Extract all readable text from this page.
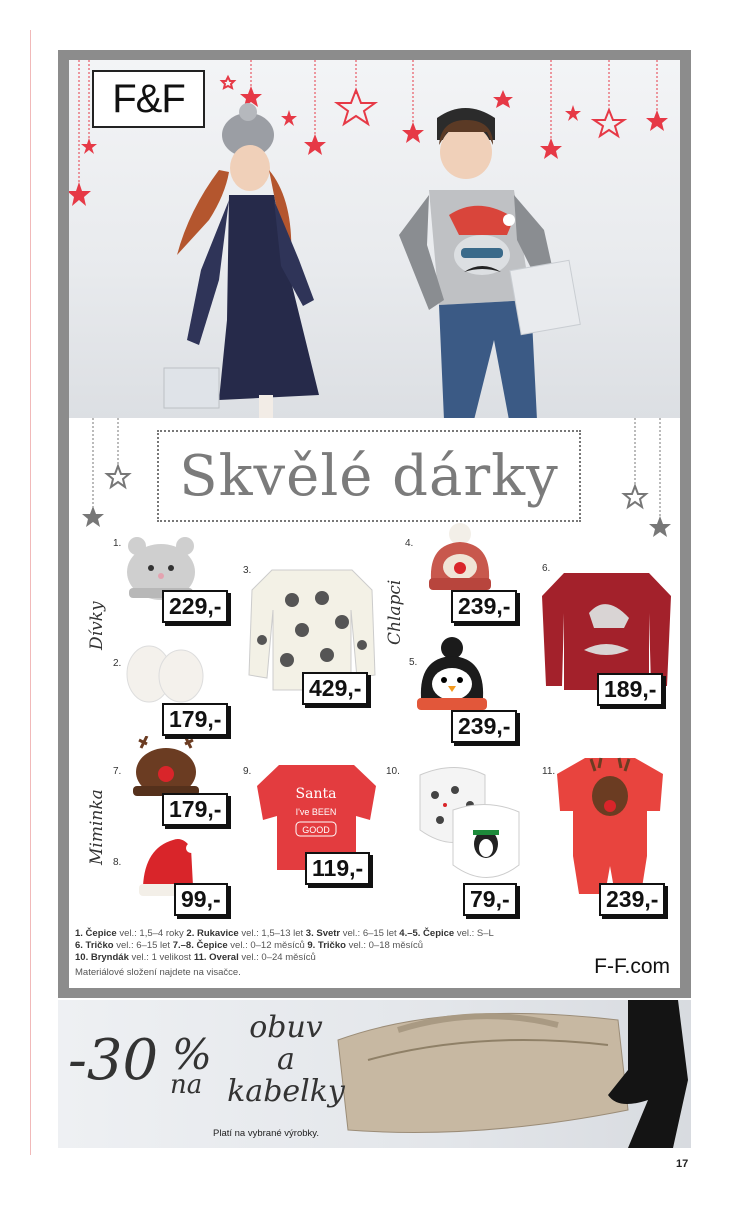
F&F
Skvělé dárky
Dívky	Chlapci
Miminka
1.
2.
3.
4.
5.
6.
7.
8.
9.	10.	11.
Santa
I've BEEN
GOOD
229,-
179,-
429,-
239,-
239,-
189,-
179,-
99,-
119,-
79,-	239,-
1. Čepice vel.: 1,5–4 roky 2. Rukavice vel.: 1,5–13 let 3. Svetr vel.: 6–15 let 4.–5. Čepice vel.: S–L
6. Tričko vel.: 6–15 let 7.–8. Čepice vel.: 0–12 měsíců 9. Tričko vel.: 0–18 měsíců
10. Bryndák vel.: 1 velikost 11. Overal vel.: 0–24 měsíců
Materiálové složení najdete na visačce.	F-F.com
-30 %
na
obuv
a
kabelky
Platí na vybrané výrobky.
17
